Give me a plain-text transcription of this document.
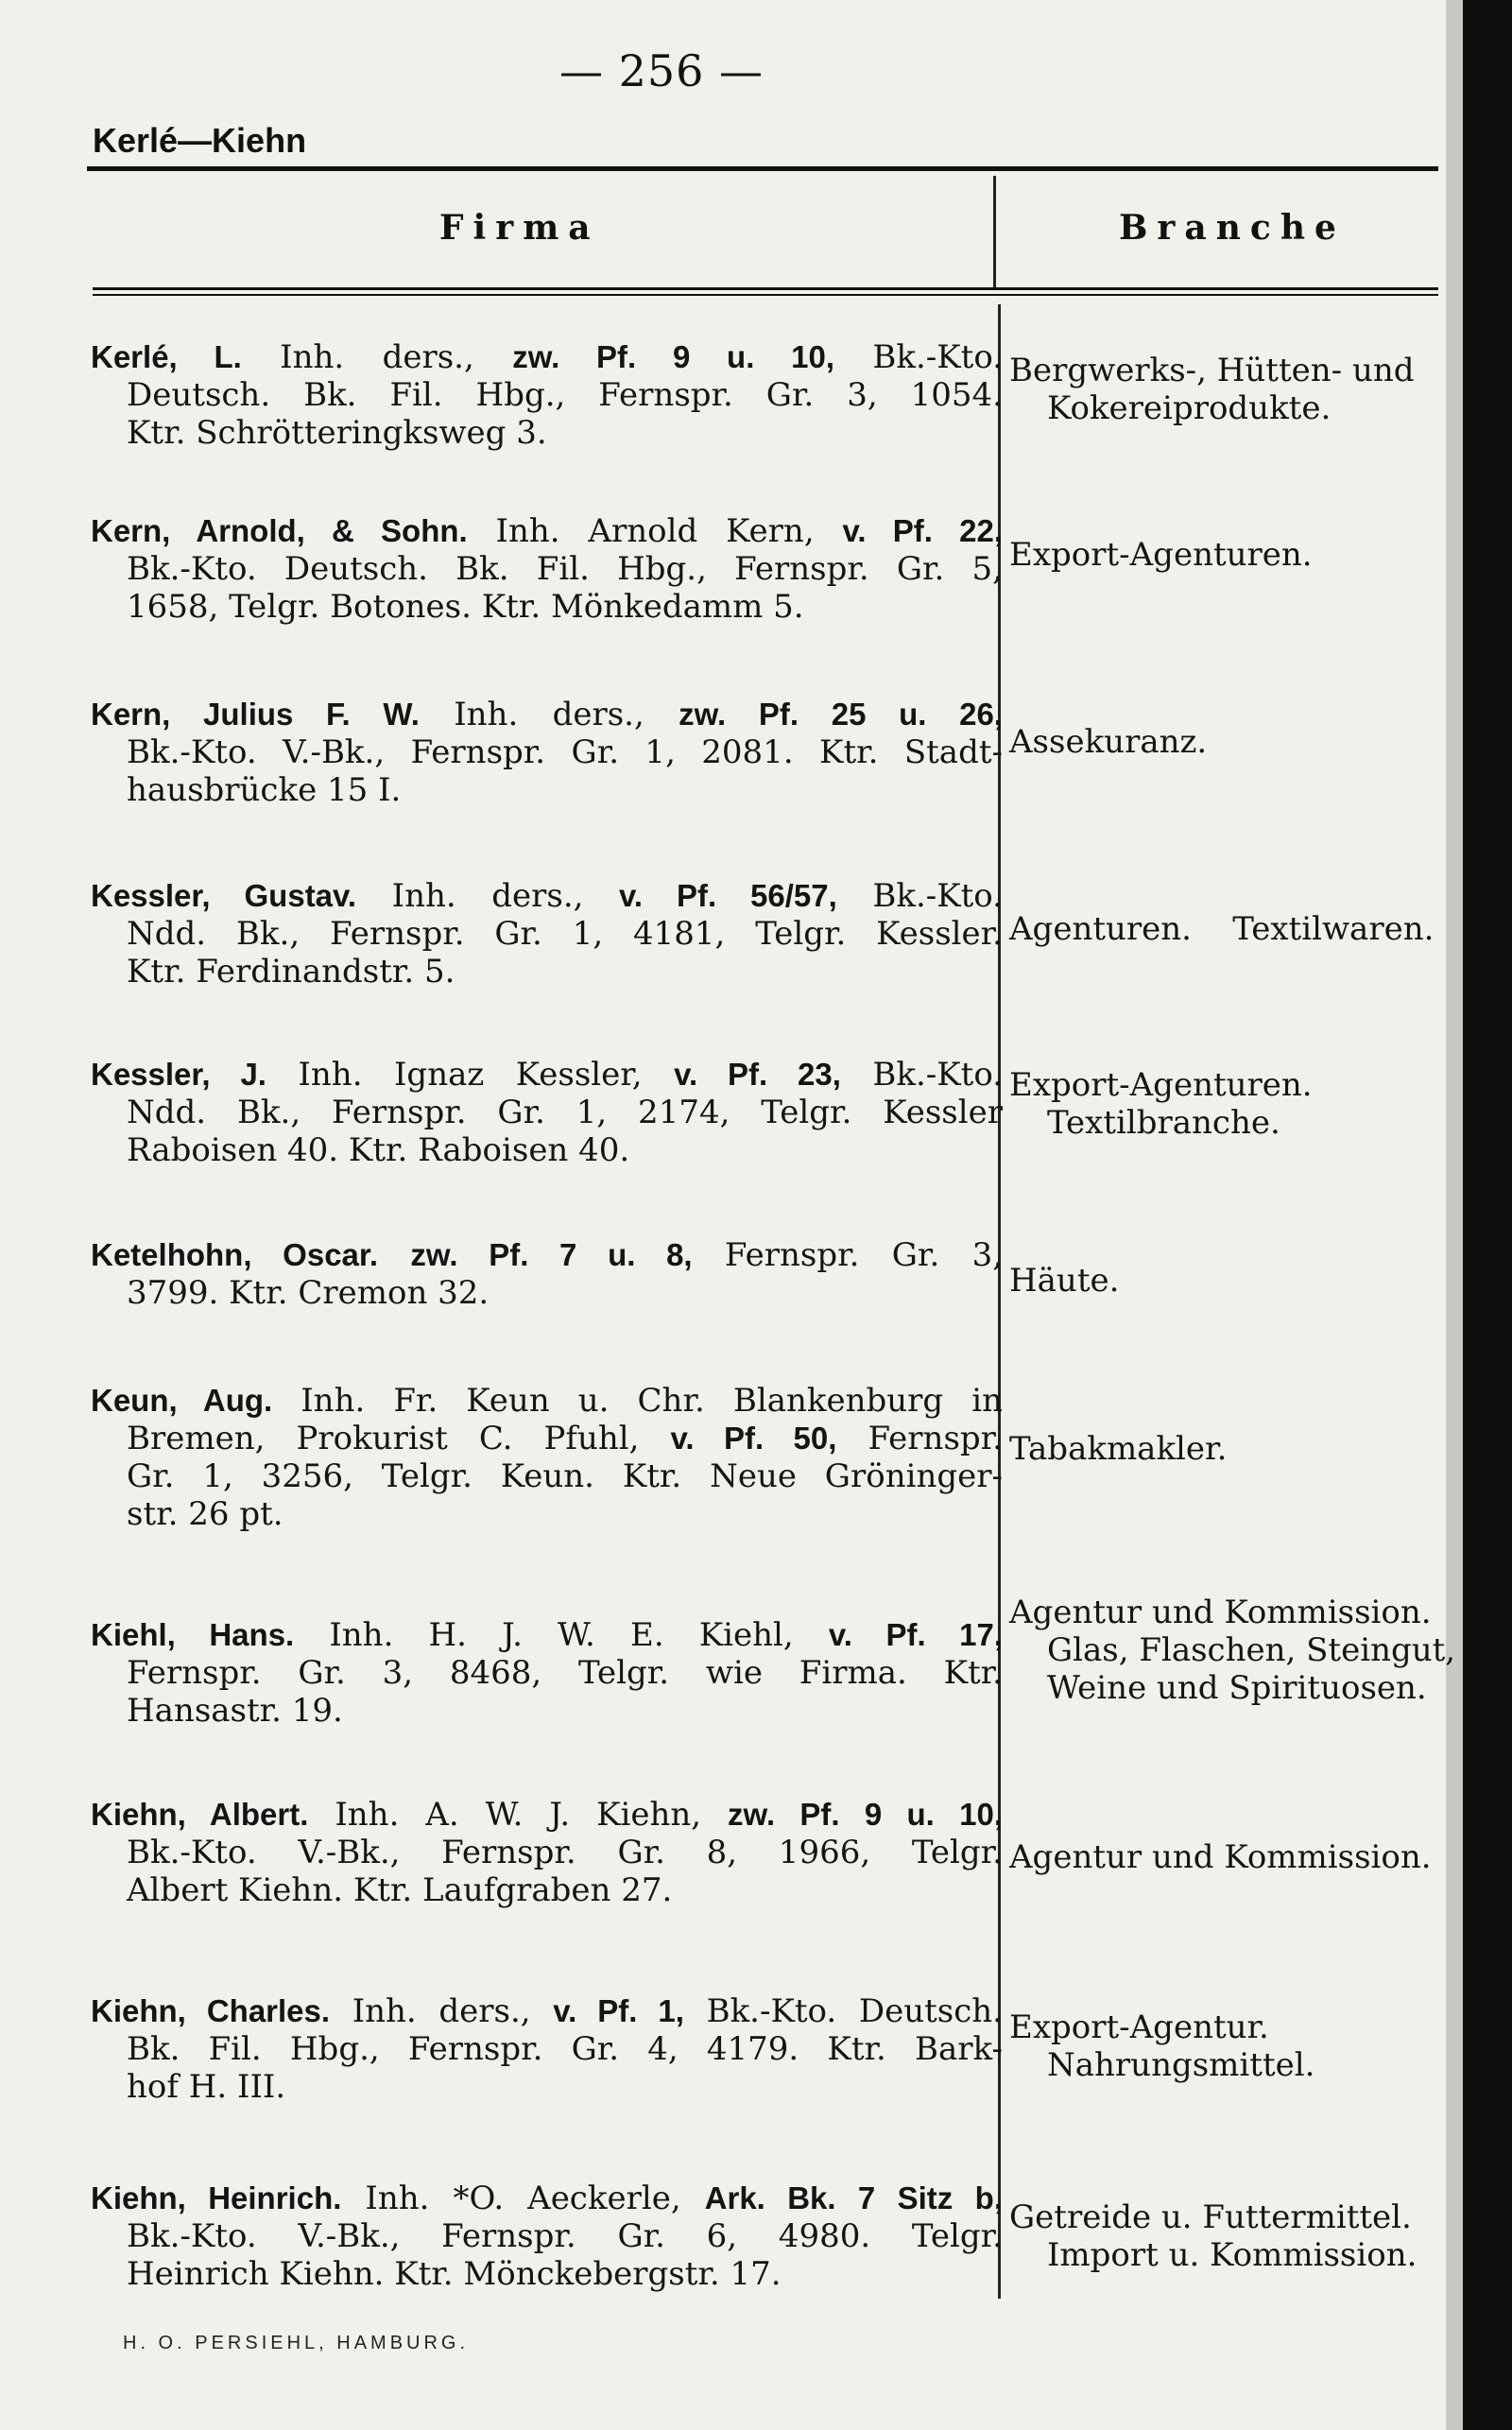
— 256 —
Kerlé—Kiehn
Firma	Branche
Kerlé, L. Inh. ders., zw. Pf. 9 u. 10, Bk.-Kto.
Deutsch. Bk. Fil. Hbg., Fernspr. Gr. 3, 1054.
Ktr. Schrötteringksweg 3.
Bergwerks-, Hütten- und
Kokereiprodukte.
Kern, Arnold, & Sohn. Inh. Arnold Kern, v. Pf. 22,
Bk.-Kto. Deutsch. Bk. Fil. Hbg., Fernspr. Gr. 5,
1658, Telgr. Botones. Ktr. Mönkedamm 5.
Export-Agenturen.
Kern, Julius F. W. Inh. ders., zw. Pf. 25 u. 26,
Bk.-Kto. V.-Bk., Fernspr. Gr. 1, 2081. Ktr. Stadt-
hausbrücke 15 I.
Assekuranz.
Kessler, Gustav. Inh. ders., v. Pf. 56/57, Bk.-Kto.
Ndd. Bk., Fernspr. Gr. 1, 4181, Telgr. Kessler.
Ktr. Ferdinandstr. 5.
Agenturen.    Textilwaren.
Kessler, J. Inh. Ignaz Kessler, v. Pf. 23, Bk.-Kto.
Ndd. Bk., Fernspr. Gr. 1, 2174, Telgr. Kessler
Raboisen 40. Ktr. Raboisen 40.
Export-Agenturen.
Textilbranche.
Ketelhohn, Oscar. zw. Pf. 7 u. 8, Fernspr. Gr. 3,
3799. Ktr. Cremon 32.	Häute.
Keun, Aug. Inh. Fr. Keun u. Chr. Blankenburg in
Bremen, Prokurist C. Pfuhl, v. Pf. 50, Fernspr.
Gr. 1, 3256, Telgr. Keun. Ktr. Neue Gröninger-
str. 26 pt.
Tabakmakler.
Kiehl, Hans. Inh. H. J. W. E. Kiehl, v. Pf. 17,
Fernspr. Gr. 3, 8468, Telgr. wie Firma. Ktr.
Hansastr. 19.
Agentur und Kommission.
Glas, Flaschen, Steingut,
Weine und Spirituosen.
Kiehn, Albert. Inh. A. W. J. Kiehn, zw. Pf. 9 u. 10,
Bk.-Kto. V.-Bk., Fernspr. Gr. 8, 1966, Telgr.
Albert Kiehn. Ktr. Laufgraben 27.
Agentur und Kommission.
Kiehn, Charles. Inh. ders., v. Pf. 1, Bk.-Kto. Deutsch.
Bk. Fil. Hbg., Fernspr. Gr. 4, 4179. Ktr. Bark-
hof H. III.
Export-Agentur.
Nahrungsmittel.
Kiehn, Heinrich. Inh. *O. Aeckerle, Ark. Bk. 7 Sitz b,
Bk.-Kto. V.-Bk., Fernspr. Gr. 6, 4980. Telgr.
Heinrich Kiehn. Ktr. Mönckebergstr. 17.
Getreide u. Futtermittel.
Import u. Kommission.
H. O. PERSIEHL, HAMBURG.
